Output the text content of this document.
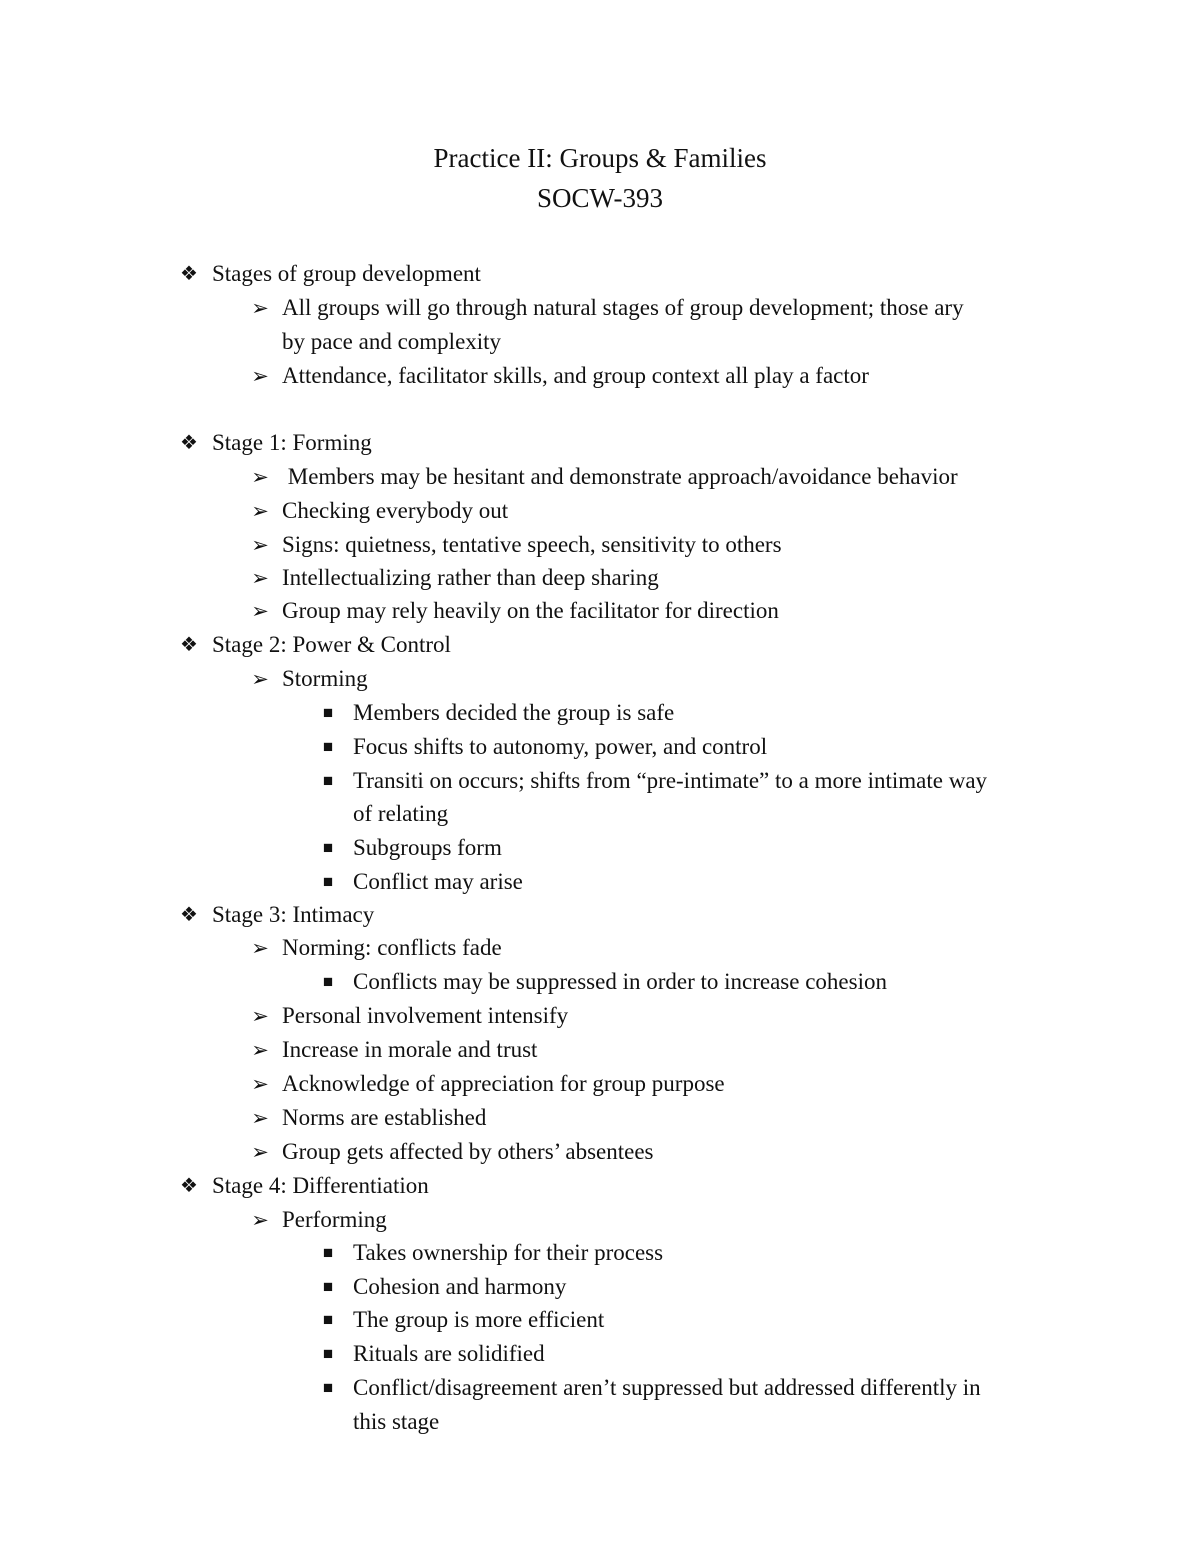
Practice II: Groups & Families
SOCW-393
❖ Stages of group development
➢ All groups will go through natural stages of group development; those ary
by pace and complexity
➢ Attendance, facilitator skills, and group context all play a factor
❖ Stage 1: Forming
➢ Members may be hesitant and demonstrate approach/avoidance behavior
➢ Checking everybody out
➢ Signs: quietness, tentative speech, sensitivity to others
➢ Intellectualizing rather than deep sharing
➢ Group may rely heavily on the facilitator for direction
❖ Stage 2: Power & Control
➢ Storming
■ Members decided the group is safe
■ Focus shifts to autonomy, power, and control
■ Transiti on occurs; shifts from “pre-intimate” to a more intimate way
of relating
■ Subgroups form
■ Conflict may arise
❖ Stage 3: Intimacy
➢ Norming: conflicts fade
■ Conflicts may be suppressed in order to increase cohesion
➢ Personal involvement intensify
➢ Increase in morale and trust
➢ Acknowledge of appreciation for group purpose
➢ Norms are established
➢ Group gets affected by others’ absentees
❖ Stage 4: Differentiation
➢ Performing
■ Takes ownership for their process
■ Cohesion and harmony
■ The group is more efficient
■ Rituals are solidified
■ Conflict/disagreement aren’t suppressed but addressed differently in
this stage
